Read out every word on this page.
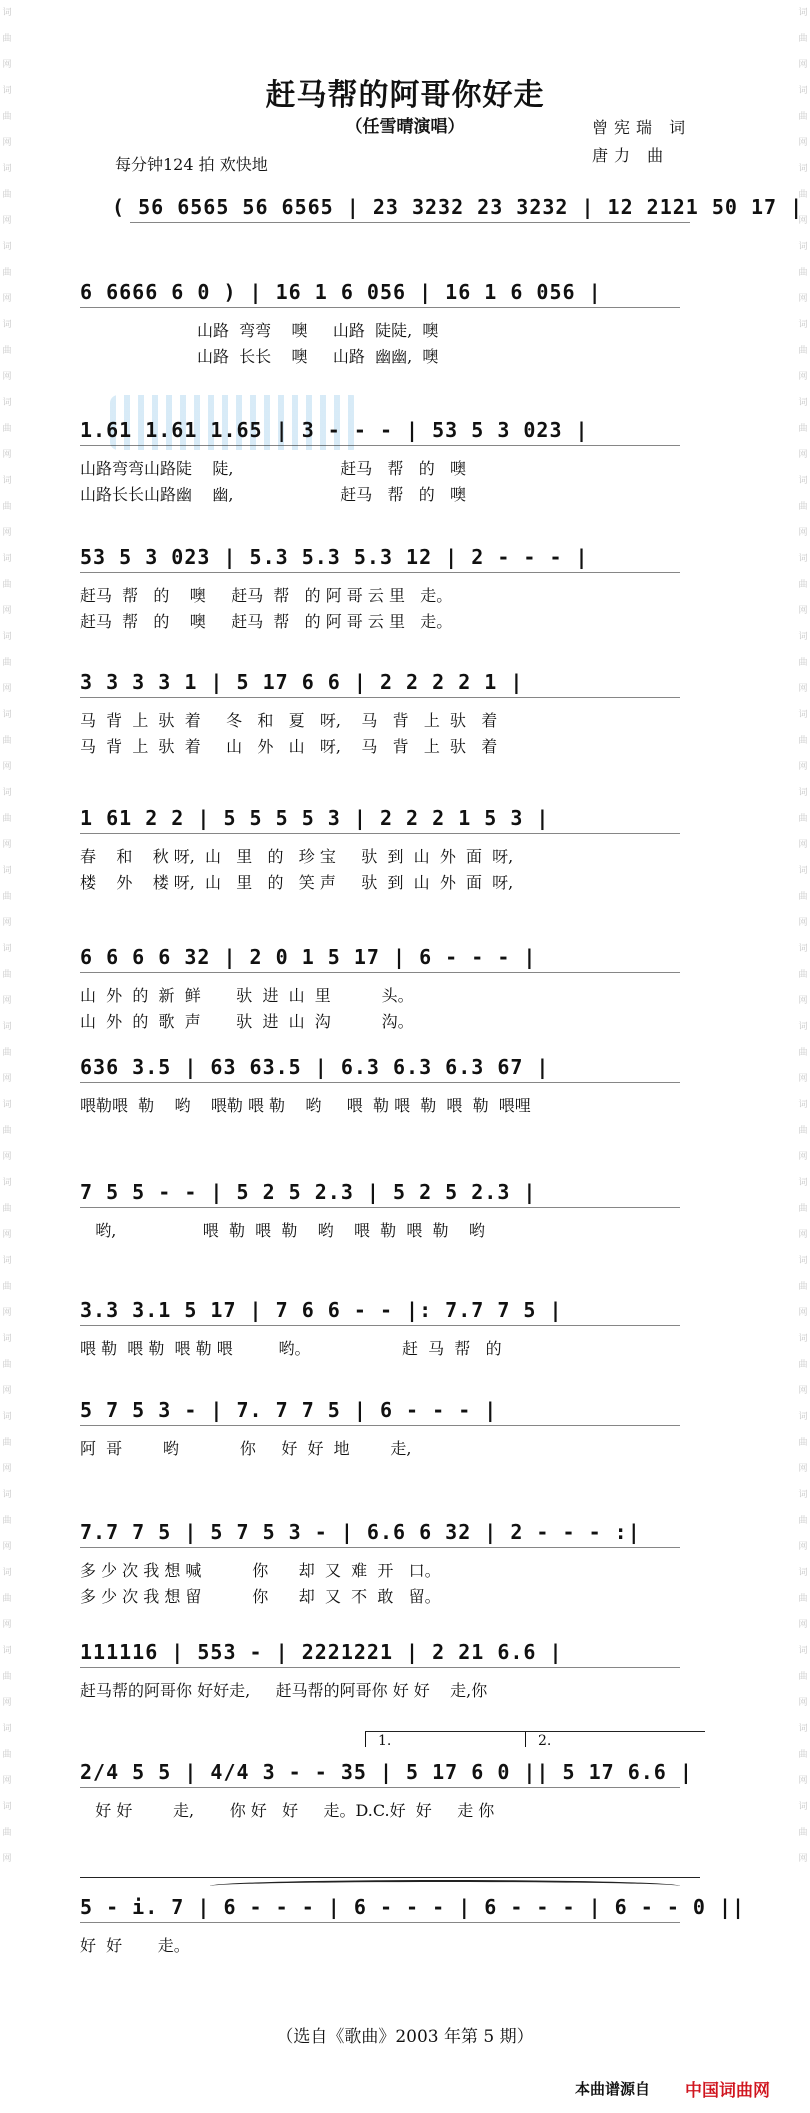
词 曲 网 词 曲 网 词 曲 网 词 曲 网 词 曲 网 词 曲 网 词 曲 网 词 曲 网 词 曲 网 词 曲 网 词 曲 网 词 曲 网 词 曲 网 词 曲 网 词 曲 网 词 曲 网 词 曲 网 词 曲 网 词 曲 网 词 曲 网 词 曲 网 词 曲 网 词 曲 网 词 曲 网
词 曲 网 词 曲 网 词 曲 网 词 曲 网 词 曲 网 词 曲 网 词 曲 网 词 曲 网 词 曲 网 词 曲 网 词 曲 网 词 曲 网 词 曲 网 词 曲 网 词 曲 网 词 曲 网 词 曲 网 词 曲 网 词 曲 网 词 曲 网 词 曲 网 词 曲 网 词 曲 网 词 曲 网
赶马帮的阿哥你好走
（任雪晴演唱）	曾宪瑞 词
唐力 曲
每分钟124 拍 欢快地
( 56 6565 56 6565 | 23 3232 23 3232 | 12 2121 50 17 |
6 6666 6 0 ) | 16 1 6 056 | 16 1 6 056 |
山路  弯弯    噢     山路  陡陡,  噢
山路  长长    噢     山路  幽幽,  噢
1.61 1.61 1.65 | 3 - - - | 53 5 3 023 |
山路弯弯山路陡    陡,                     赶马   帮   的   噢
山路长长山路幽    幽,                     赶马   帮   的   噢
53 5 3 023 | 5.3 5.3 5.3 12 | 2 - - - |
赶马  帮   的    噢     赶马  帮   的 阿 哥 云 里   走。
赶马  帮   的    噢     赶马  帮   的 阿 哥 云 里   走。
3 3 3 3 1 | 5 17 6 6 | 2 2 2 2 1 |
马  背  上  驮  着     冬   和   夏   呀,    马   背   上  驮   着
马  背  上  驮  着     山   外   山   呀,    马   背   上  驮   着
1 61 2 2 | 5 5 5 5 3 | 2 2 2 1 5 3 |
春    和    秋 呀,  山   里   的   珍 宝     驮  到  山  外  面  呀,
楼    外    楼 呀,  山   里   的   笑 声     驮  到  山  外  面  呀,
6 6 6 6 32 | 2 0 1 5 17 | 6 - - - |
山  外  的  新  鲜       驮  进  山  里          头。
山  外  的  歌  声       驮  进  山  沟          沟。
636 3.5 | 63 63.5 | 6.3 6.3 6.3 67 |
喂勒喂  勒    哟    喂勒 喂 勒    哟     喂  勒 喂  勒  喂  勒  喂哩
7 5 5 - - | 5 2 5 2.3 | 5 2 5 2.3 |
哟,                 喂  勒  喂  勒    哟    喂  勒  喂  勒    哟
3.3 3.1 5 17 | 7 6 6 - - |: 7.7 7 5 |
喂 勒  喂 勒  喂 勒 喂         哟。                  赶  马  帮   的
5 7 5 3 - | 7. 7 7 5 | 6 - - - |
阿  哥        哟            你     好  好  地        走,
7.7 7 5 | 5 7 5 3 - | 6.6 6 32 | 2 - - - :|
多 少 次 我 想 喊          你      却  又  难  开   口。
多 少 次 我 想 留          你      却  又  不  敢   留。
111116 | 553 - | 2221221 | 2 21 6.6 |
赶马帮的阿哥你 好好走,     赶马帮的阿哥你 好 好    走,你
2/4 5 5 | 4/4 3 - - 35 | 5 17 6 0 || 5 17 6.6 |
好 好        走,       你 好   好     走。D.C.好  好     走 你
5 - i. 7 | 6 - - - | 6 - - - | 6 - - - | 6 - - 0 ||
好  好       走。
1.	2.
（选自《歌曲》2003 年第 5 期）
本曲谱源自 中国词曲网
